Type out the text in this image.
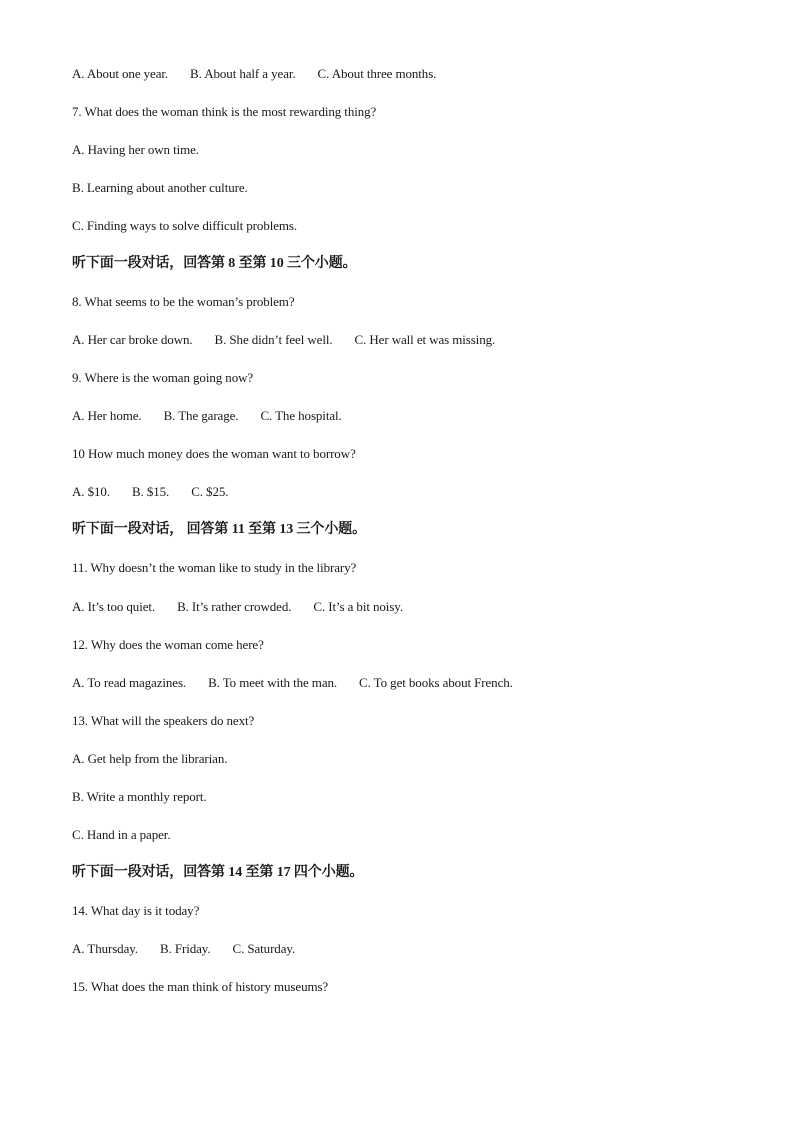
A. About one year. B. About half a year. C. About three months.
7. What does the woman think is the most rewarding thing?
A. Having her own time.
B. Learning about another culture.
C. Finding ways to solve difficult problems.
听下面一段对话，回答第 8 至第 10 三个小题。
8. What seems to be the woman’s problem?
A. Her car broke down. B. She didn’t feel well. C. Her wall et was missing.
9. Where is the woman going now?
A. Her home. B. The garage. C. The hospital.
10 How much money does the woman want to borrow?
A. $10. B. $15. C. $25.
听下面一段对话， 回答第 11 至第 13 三个小题。
11. Why doesn’t the woman like to study in the library?
A. It’s too quiet. B. It’s rather crowded. C. It’s a bit noisy.
12. Why does the woman come here?
A. To read magazines. B. To meet with the man. C. To get books about French.
13. What will the speakers do next?
A. Get help from the librarian.
B. Write a monthly report.
C. Hand in a paper.
听下面一段对话，回答第 14 至第 17 四个小题。
14. What day is it today?
A. Thursday. B. Friday. C. Saturday.
15. What does the man think of history museums?
